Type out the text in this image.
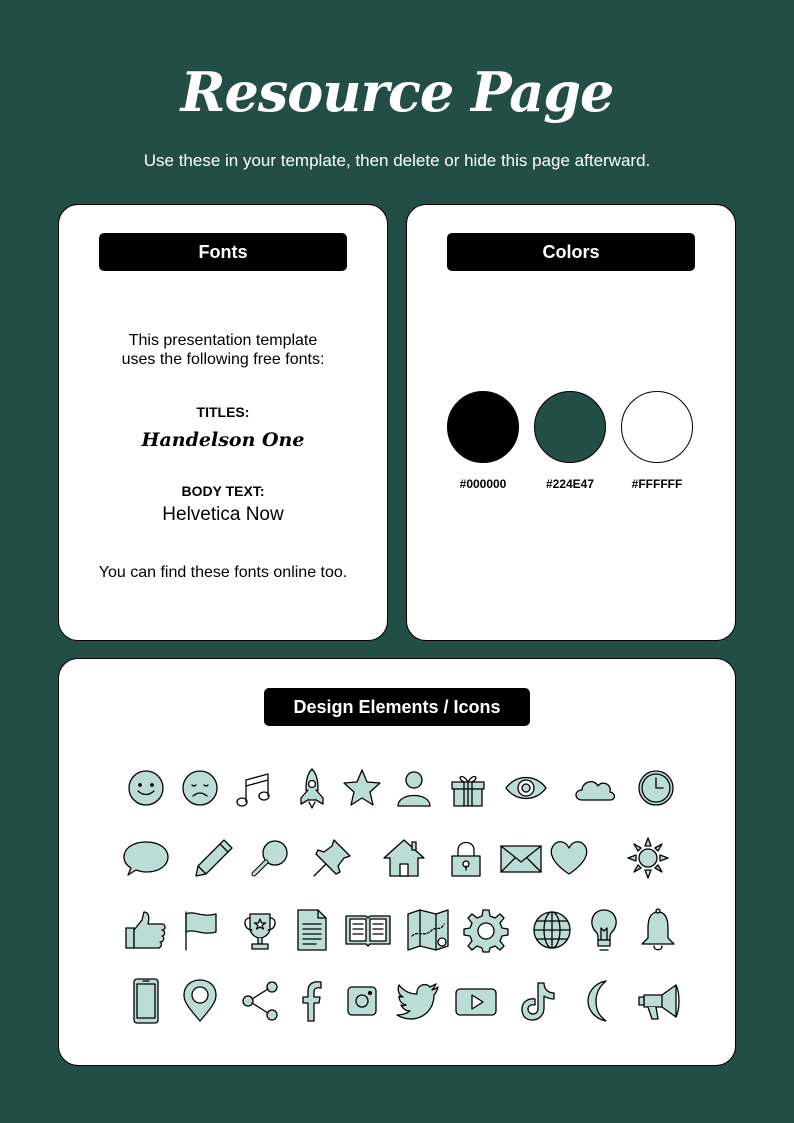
Resource Page
Use these in your template, then delete or hide this page afterward.
Fonts
This presentation template
uses the following free fonts:
TITLES:
Handelson One
BODY TEXT:
Helvetica Now
You can find these fonts online too.
Colors
#000000	#224E47	#FFFFFF
Design Elements / Icons
